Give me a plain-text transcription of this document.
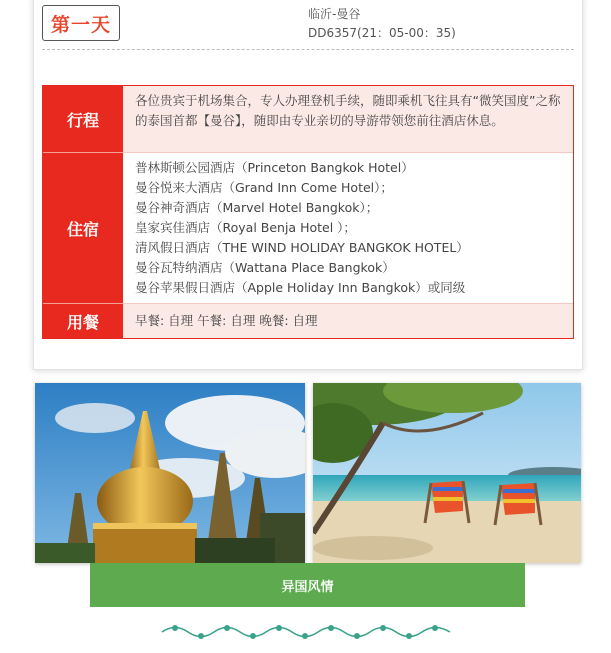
第一天	临沂-曼谷
DD6357(21：05-00：35)
行程
各位贵宾于机场集合，专人办理登机手续，随即乘机飞往具有“微笑国度”之称的泰国首都【曼谷】，随即由专业亲切的导游带领您前往酒店休息。
住宿
普林斯顿公园酒店（Princeton Bangkok Hotel）
曼谷悦来大酒店（Grand Inn Come Hotel）；
曼谷神奇酒店（Marvel Hotel Bangkok）；
皇家宾佳酒店（Royal Benja Hotel ）；
清风假日酒店（THE WIND HOLIDAY BANGKOK HOTEL）
曼谷瓦特纳酒店（Wattana Place Bangkok）
曼谷苹果假日酒店（Apple Holiday Inn Bangkok）或同级
用餐	早餐: 自理 午餐: 自理 晚餐: 自理
异国风情
